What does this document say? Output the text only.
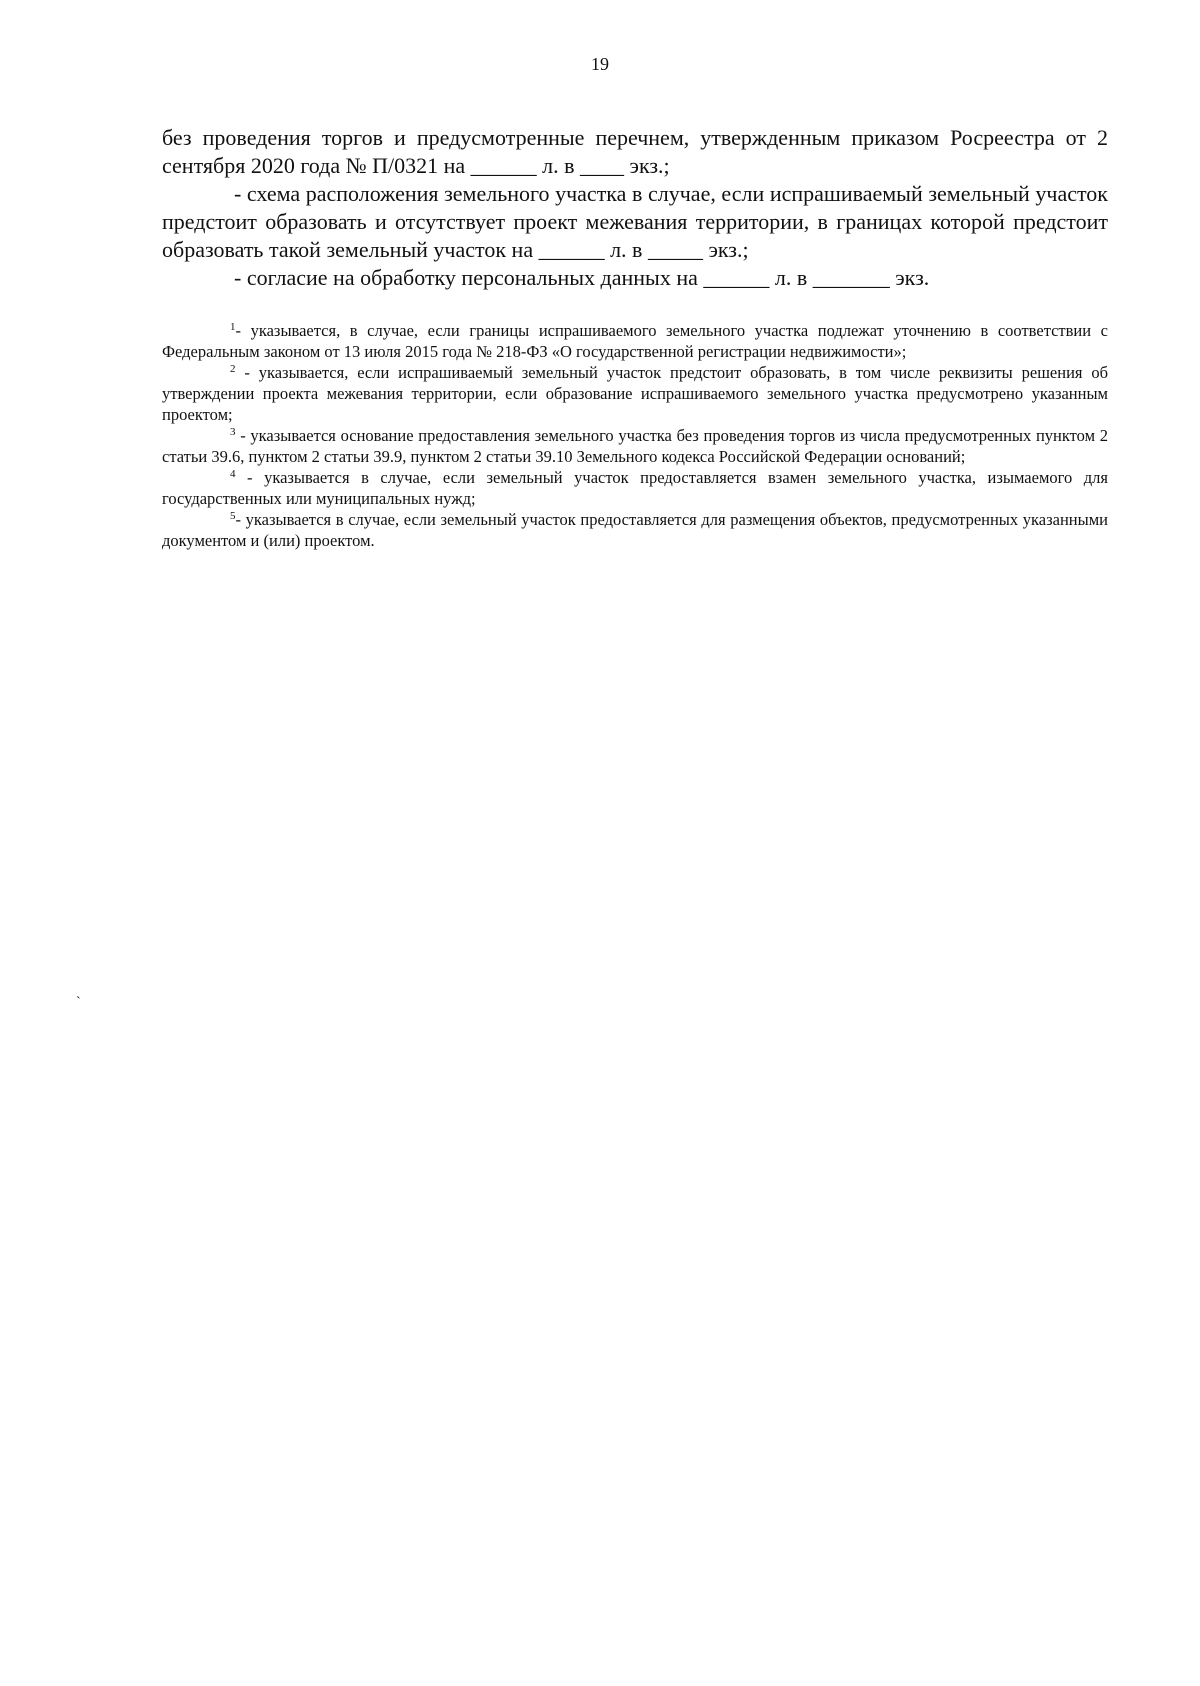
19

без проведения торгов и предусмотренные перечнем, утвержденным приказом Росреестра от 2 сентября 2020 года № П/0321 на ______ л. в ____ экз.;

- схема расположения земельного участка в случае, если испрашиваемый земельный участок предстоит образовать и отсутствует проект межевания территории, в границах которой предстоит образовать такой земельный участок на ______ л. в _____ экз.;

- согласие на обработку персональных данных на ______ л. в _______ экз.

$^1$- указывается, в случае, если границы испрашиваемого земельного участка подлежат уточнению в соответствии с Федеральным законом от 13 июля 2015 года № 218-ФЗ «О государственной регистрации недвижимости»;

$^2$ - указывается, если испрашиваемый земельный участок предстоит образовать, в том числе реквизиты решения об утверждении проекта межевания территории, если образование испрашиваемого земельного участка предусмотрено указанным проектом;

$^3$ - указывается основание предоставления земельного участка без проведения торгов из числа предусмотренных пунктом 2 статьи 39.6, пунктом 2 статьи 39.9, пунктом 2 статьи 39.10 Земельного кодекса Российской Федерации оснований;

$^4$ - указывается в случае, если земельный участок предоставляется взамен земельного участка, изымаемого для государственных или муниципальных нужд;

$^5$- указывается в случае, если земельный участок предоставляется для размещения объектов, предусмотренных указанными документом и (или) проектом.

`
